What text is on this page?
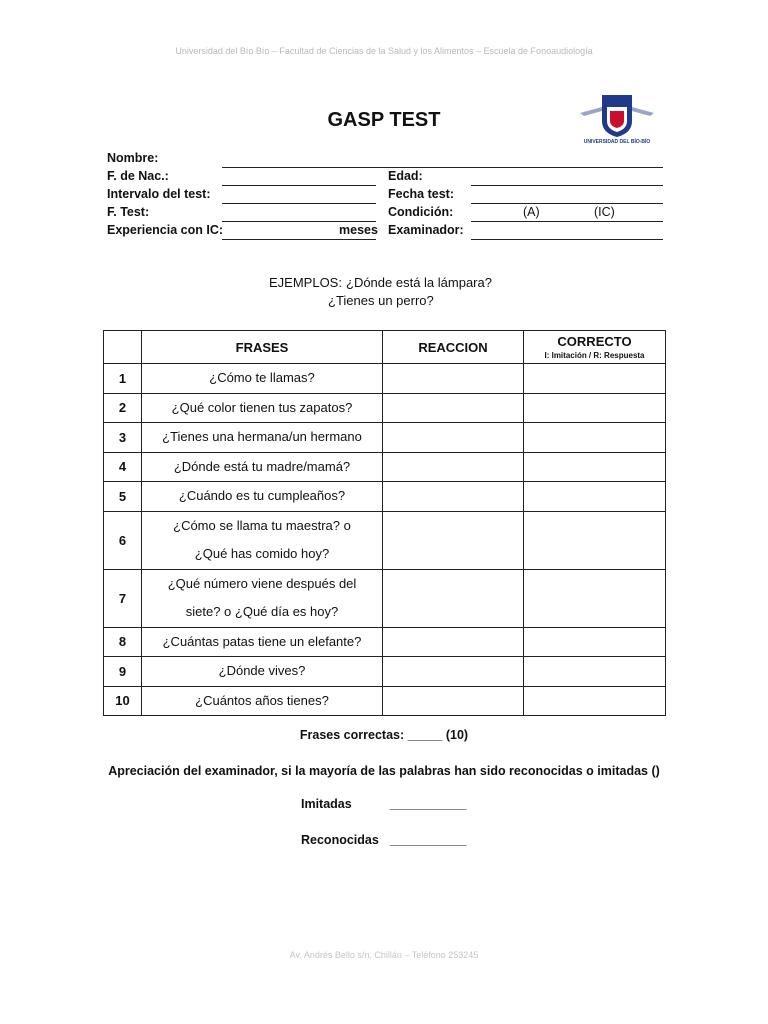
Universidad del Bío Bío – Facultad de Ciencias de la Salud y los Alimentos – Escuela de Fonoaudiología
GASP TEST
UNIVERSIDAD DEL BÍO-BÍO
Nombre:
F. de Nac.:	Edad:
Intervalo del test:	Fecha test:
F. Test:	Condición:	(A)	(IC)
Experiencia con IC:	meses Examinador:
EJEMPLOS: ¿Dónde está la lámpara?
¿Tienes un perro?
	FRASES	REACCION	CORRECTO
I: Imitación / R: Respuesta

1	¿Cómo te llamas?		
2	¿Qué color tienen tus zapatos?		
3	¿Tienes una hermana/un hermano		
4	¿Dónde está tu madre/mamá?		
5	¿Cuándo es tu cumpleaños?		
6	¿Cómo se llama tu maestra? o
¿Qué has comido hoy?		

7	¿Qué número viene después del
siete? o ¿Qué día es hoy?		

8	¿Cuántas patas tiene un elefante?		
9	¿Dónde vives?		
10	¿Cuántos años tienes?		
Frases correctas: _____ (10)
Apreciación del examinador, si la mayoría de las palabras han sido reconocidas o imitadas ()
Imitadas	___________
Reconocidas ___________
Av. Andrés Bello s/n, Chillán – Teléfono 253245
